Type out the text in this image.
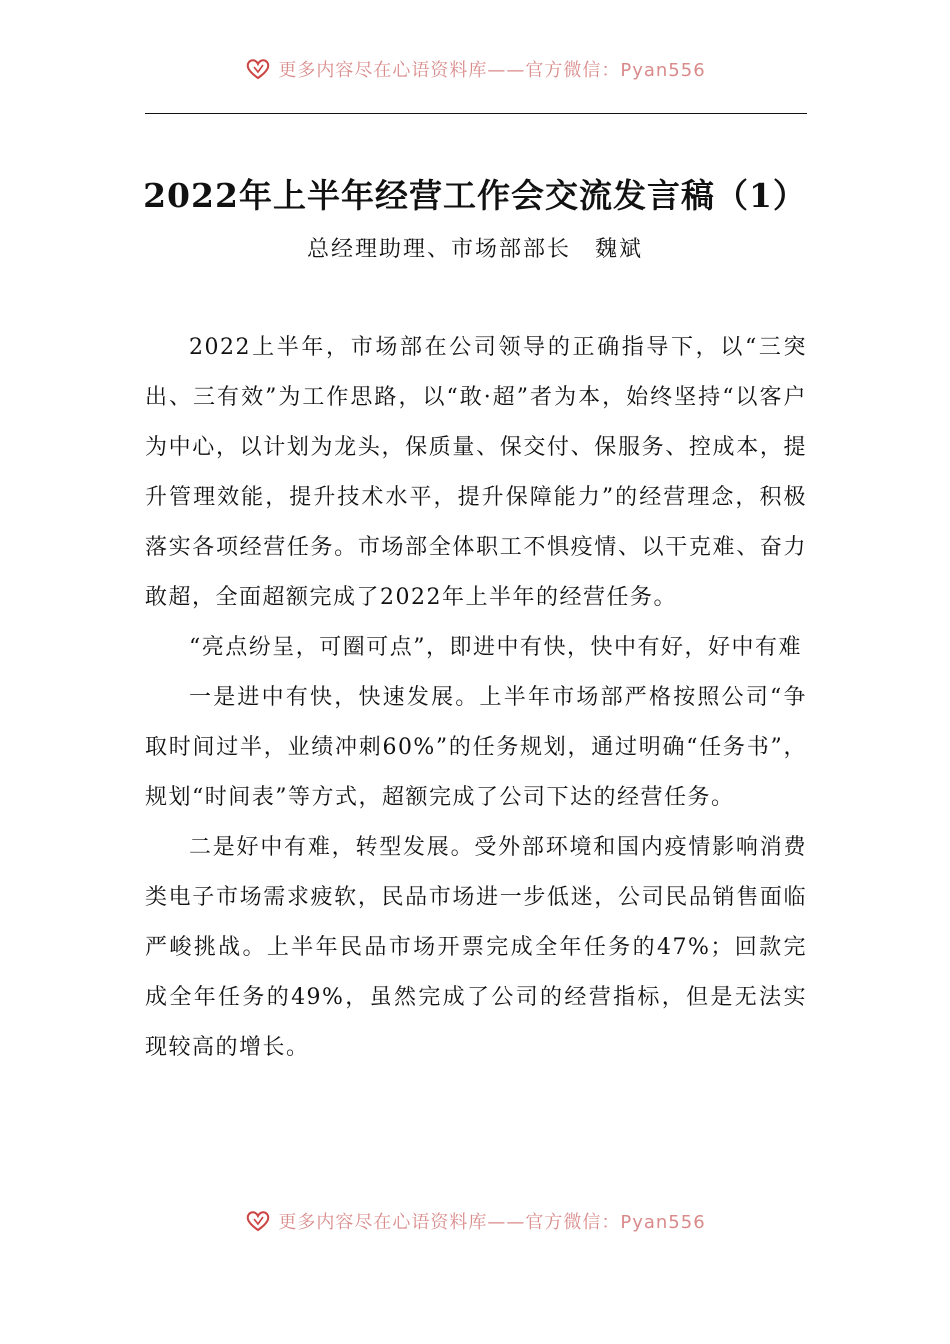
更多内容尽在心语资料库——官方微信：Pyan556
2022年上半年经营工作会交流发言稿（1）
总经理助理、市场部部长　魏斌

2022上半年，市场部在公司领导的正确指导下，以“三突出、三有效”为工作思路，以“敢·超”者为本，始终坚持“以客户为中心，以计划为龙头，保质量、保交付、保服务、控成本，提升管理效能，提升技术水平，提升保障能力”的经营理念，积极落实各项经营任务。市场部全体职工不惧疫情、以干克难、奋力敢超，全面超额完成了2022年上半年的经营任务。

“亮点纷呈，可圈可点”，即进中有快，快中有好，好中有难

一是进中有快，快速发展。上半年市场部严格按照公司“争取时间过半，业绩冲刺60%”的任务规划，通过明确“任务书”，规划“时间表”等方式，超额完成了公司下达的经营任务。

二是好中有难，转型发展。受外部环境和国内疫情影响消费类电子市场需求疲软，民品市场进一步低迷，公司民品销售面临严峻挑战。上半年民品市场开票完成全年任务的47%；回款完成全年任务的49%，虽然完成了公司的经营指标，但是无法实现较高的增长。

更多内容尽在心语资料库——官方微信：Pyan556
